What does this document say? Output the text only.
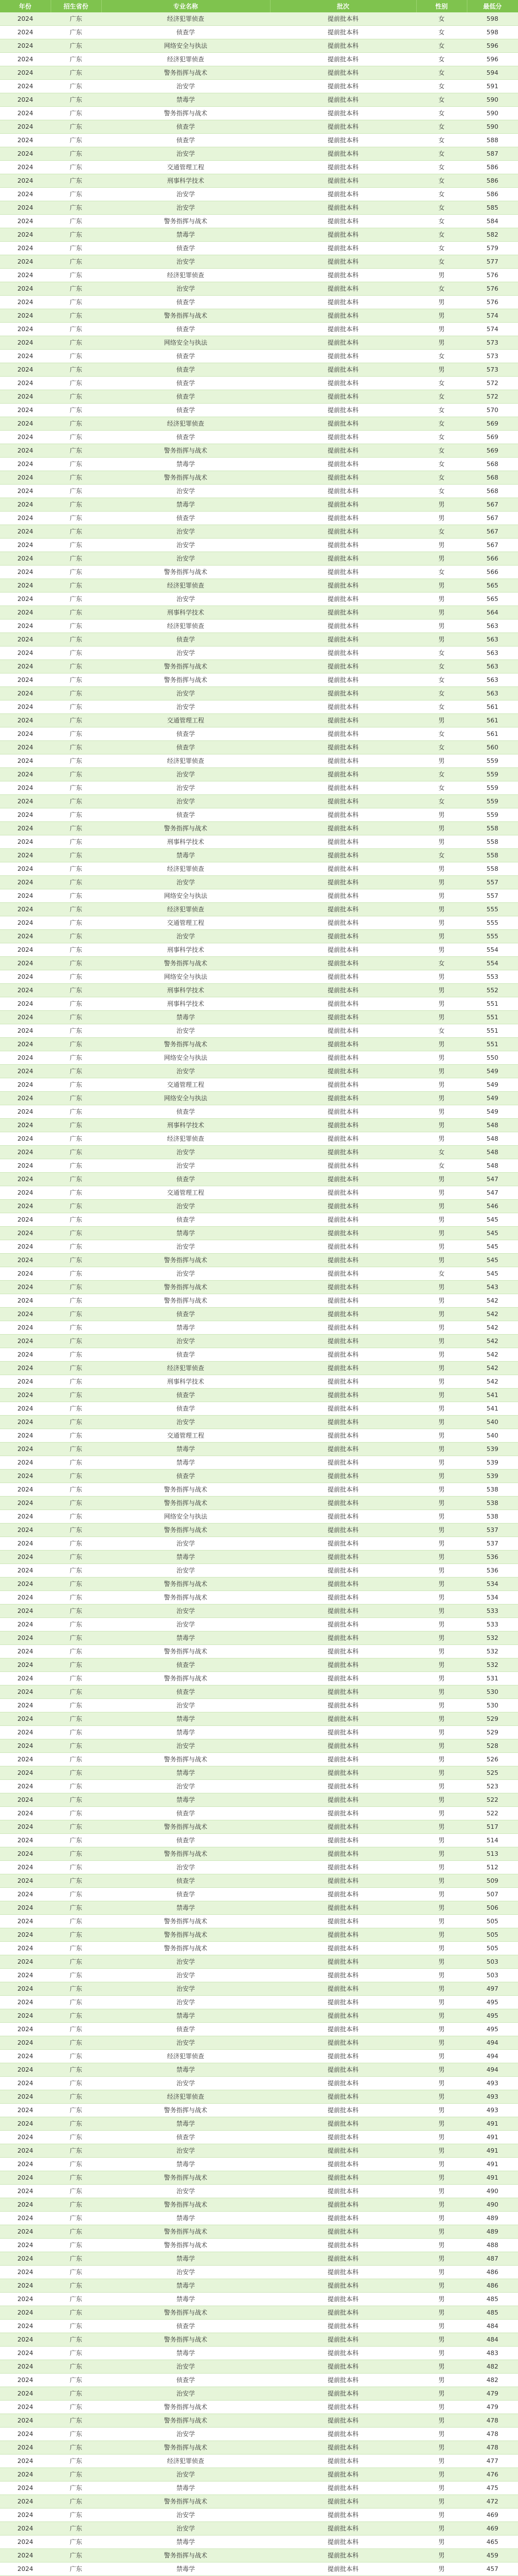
年份	招生省份	专业名称	批次	性别	最低分
2024	广东	经济犯罪侦查	提前批本科	女	598
2024	广东	侦查学	提前批本科	女	598
2024	广东	网络安全与执法	提前批本科	女	596
2024	广东	经济犯罪侦查	提前批本科	女	596
2024	广东	警务指挥与战术	提前批本科	女	594
2024	广东	治安学	提前批本科	女	591
2024	广东	禁毒学	提前批本科	女	590
2024	广东	警务指挥与战术	提前批本科	女	590
2024	广东	侦查学	提前批本科	女	590
2024	广东	侦查学	提前批本科	女	588
2024	广东	治安学	提前批本科	女	587
2024	广东	交通管理工程	提前批本科	女	586
2024	广东	刑事科学技术	提前批本科	女	586
2024	广东	治安学	提前批本科	女	586
2024	广东	治安学	提前批本科	女	585
2024	广东	警务指挥与战术	提前批本科	女	584
2024	广东	禁毒学	提前批本科	女	582
2024	广东	侦查学	提前批本科	女	579
2024	广东	治安学	提前批本科	女	577
2024	广东	经济犯罪侦查	提前批本科	男	576
2024	广东	治安学	提前批本科	女	576
2024	广东	侦查学	提前批本科	男	576
2024	广东	警务指挥与战术	提前批本科	男	574
2024	广东	侦查学	提前批本科	男	574
2024	广东	网络安全与执法	提前批本科	男	573
2024	广东	侦查学	提前批本科	女	573
2024	广东	侦查学	提前批本科	男	573
2024	广东	侦查学	提前批本科	女	572
2024	广东	侦查学	提前批本科	女	572
2024	广东	侦查学	提前批本科	女	570
2024	广东	经济犯罪侦查	提前批本科	女	569
2024	广东	侦查学	提前批本科	女	569
2024	广东	警务指挥与战术	提前批本科	女	569
2024	广东	禁毒学	提前批本科	女	568
2024	广东	警务指挥与战术	提前批本科	女	568
2024	广东	治安学	提前批本科	女	568
2024	广东	禁毒学	提前批本科	男	567
2024	广东	侦查学	提前批本科	男	567
2024	广东	治安学	提前批本科	女	567
2024	广东	治安学	提前批本科	男	567
2024	广东	治安学	提前批本科	男	566
2024	广东	警务指挥与战术	提前批本科	女	566
2024	广东	经济犯罪侦查	提前批本科	男	565
2024	广东	治安学	提前批本科	男	565
2024	广东	刑事科学技术	提前批本科	男	564
2024	广东	经济犯罪侦查	提前批本科	男	563
2024	广东	侦查学	提前批本科	男	563
2024	广东	治安学	提前批本科	女	563
2024	广东	警务指挥与战术	提前批本科	女	563
2024	广东	警务指挥与战术	提前批本科	女	563
2024	广东	治安学	提前批本科	女	563
2024	广东	治安学	提前批本科	女	561
2024	广东	交通管理工程	提前批本科	男	561
2024	广东	侦查学	提前批本科	女	561
2024	广东	侦查学	提前批本科	女	560
2024	广东	经济犯罪侦查	提前批本科	男	559
2024	广东	治安学	提前批本科	女	559
2024	广东	治安学	提前批本科	女	559
2024	广东	治安学	提前批本科	女	559
2024	广东	侦查学	提前批本科	男	559
2024	广东	警务指挥与战术	提前批本科	男	558
2024	广东	刑事科学技术	提前批本科	男	558
2024	广东	禁毒学	提前批本科	女	558
2024	广东	经济犯罪侦查	提前批本科	男	558
2024	广东	治安学	提前批本科	男	557
2024	广东	网络安全与执法	提前批本科	男	557
2024	广东	经济犯罪侦查	提前批本科	男	555
2024	广东	交通管理工程	提前批本科	男	555
2024	广东	治安学	提前批本科	男	555
2024	广东	刑事科学技术	提前批本科	男	554
2024	广东	警务指挥与战术	提前批本科	女	554
2024	广东	网络安全与执法	提前批本科	男	553
2024	广东	刑事科学技术	提前批本科	男	552
2024	广东	刑事科学技术	提前批本科	男	551
2024	广东	禁毒学	提前批本科	男	551
2024	广东	治安学	提前批本科	女	551
2024	广东	警务指挥与战术	提前批本科	男	551
2024	广东	网络安全与执法	提前批本科	男	550
2024	广东	治安学	提前批本科	男	549
2024	广东	交通管理工程	提前批本科	男	549
2024	广东	网络安全与执法	提前批本科	男	549
2024	广东	侦查学	提前批本科	男	549
2024	广东	刑事科学技术	提前批本科	男	548
2024	广东	经济犯罪侦查	提前批本科	男	548
2024	广东	治安学	提前批本科	女	548
2024	广东	治安学	提前批本科	女	548
2024	广东	侦查学	提前批本科	男	547
2024	广东	交通管理工程	提前批本科	男	547
2024	广东	治安学	提前批本科	男	546
2024	广东	侦查学	提前批本科	男	545
2024	广东	禁毒学	提前批本科	男	545
2024	广东	治安学	提前批本科	男	545
2024	广东	警务指挥与战术	提前批本科	男	545
2024	广东	治安学	提前批本科	女	545
2024	广东	警务指挥与战术	提前批本科	男	543
2024	广东	警务指挥与战术	提前批本科	男	542
2024	广东	侦查学	提前批本科	男	542
2024	广东	禁毒学	提前批本科	男	542
2024	广东	治安学	提前批本科	男	542
2024	广东	侦查学	提前批本科	男	542
2024	广东	经济犯罪侦查	提前批本科	男	542
2024	广东	刑事科学技术	提前批本科	男	542
2024	广东	侦查学	提前批本科	男	541
2024	广东	侦查学	提前批本科	男	541
2024	广东	治安学	提前批本科	男	540
2024	广东	交通管理工程	提前批本科	男	540
2024	广东	禁毒学	提前批本科	男	539
2024	广东	禁毒学	提前批本科	男	539
2024	广东	侦查学	提前批本科	男	539
2024	广东	警务指挥与战术	提前批本科	男	538
2024	广东	警务指挥与战术	提前批本科	男	538
2024	广东	网络安全与执法	提前批本科	男	538
2024	广东	警务指挥与战术	提前批本科	男	537
2024	广东	治安学	提前批本科	男	537
2024	广东	禁毒学	提前批本科	男	536
2024	广东	治安学	提前批本科	男	536
2024	广东	警务指挥与战术	提前批本科	男	534
2024	广东	警务指挥与战术	提前批本科	男	534
2024	广东	治安学	提前批本科	男	533
2024	广东	治安学	提前批本科	男	533
2024	广东	禁毒学	提前批本科	男	532
2024	广东	警务指挥与战术	提前批本科	男	532
2024	广东	侦查学	提前批本科	男	532
2024	广东	警务指挥与战术	提前批本科	男	531
2024	广东	侦查学	提前批本科	男	530
2024	广东	治安学	提前批本科	男	530
2024	广东	禁毒学	提前批本科	男	529
2024	广东	禁毒学	提前批本科	男	529
2024	广东	治安学	提前批本科	男	528
2024	广东	警务指挥与战术	提前批本科	男	526
2024	广东	禁毒学	提前批本科	男	525
2024	广东	治安学	提前批本科	男	523
2024	广东	禁毒学	提前批本科	男	522
2024	广东	侦查学	提前批本科	男	522
2024	广东	警务指挥与战术	提前批本科	男	517
2024	广东	侦查学	提前批本科	男	514
2024	广东	警务指挥与战术	提前批本科	男	513
2024	广东	治安学	提前批本科	男	512
2024	广东	侦查学	提前批本科	男	509
2024	广东	侦查学	提前批本科	男	507
2024	广东	禁毒学	提前批本科	男	506
2024	广东	警务指挥与战术	提前批本科	男	505
2024	广东	警务指挥与战术	提前批本科	男	505
2024	广东	警务指挥与战术	提前批本科	男	505
2024	广东	治安学	提前批本科	男	503
2024	广东	治安学	提前批本科	男	503
2024	广东	治安学	提前批本科	男	497
2024	广东	治安学	提前批本科	男	495
2024	广东	禁毒学	提前批本科	男	495
2024	广东	侦查学	提前批本科	男	495
2024	广东	治安学	提前批本科	男	494
2024	广东	经济犯罪侦查	提前批本科	男	494
2024	广东	禁毒学	提前批本科	男	494
2024	广东	治安学	提前批本科	男	493
2024	广东	经济犯罪侦查	提前批本科	男	493
2024	广东	警务指挥与战术	提前批本科	男	493
2024	广东	禁毒学	提前批本科	男	491
2024	广东	侦查学	提前批本科	男	491
2024	广东	治安学	提前批本科	男	491
2024	广东	禁毒学	提前批本科	男	491
2024	广东	警务指挥与战术	提前批本科	男	491
2024	广东	治安学	提前批本科	男	490
2024	广东	警务指挥与战术	提前批本科	男	490
2024	广东	禁毒学	提前批本科	男	489
2024	广东	警务指挥与战术	提前批本科	男	489
2024	广东	警务指挥与战术	提前批本科	男	488
2024	广东	禁毒学	提前批本科	男	487
2024	广东	治安学	提前批本科	男	486
2024	广东	禁毒学	提前批本科	男	486
2024	广东	禁毒学	提前批本科	男	485
2024	广东	警务指挥与战术	提前批本科	男	485
2024	广东	侦查学	提前批本科	男	484
2024	广东	警务指挥与战术	提前批本科	男	484
2024	广东	禁毒学	提前批本科	男	483
2024	广东	治安学	提前批本科	男	482
2024	广东	侦查学	提前批本科	男	482
2024	广东	治安学	提前批本科	男	479
2024	广东	警务指挥与战术	提前批本科	男	479
2024	广东	警务指挥与战术	提前批本科	男	478
2024	广东	治安学	提前批本科	男	478
2024	广东	警务指挥与战术	提前批本科	男	478
2024	广东	经济犯罪侦查	提前批本科	男	477
2024	广东	治安学	提前批本科	男	476
2024	广东	禁毒学	提前批本科	男	475
2024	广东	警务指挥与战术	提前批本科	男	472
2024	广东	治安学	提前批本科	男	469
2024	广东	治安学	提前批本科	男	469
2024	广东	禁毒学	提前批本科	男	465
2024	广东	警务指挥与战术	提前批本科	男	459
2024	广东	禁毒学	提前批本科	男	457
